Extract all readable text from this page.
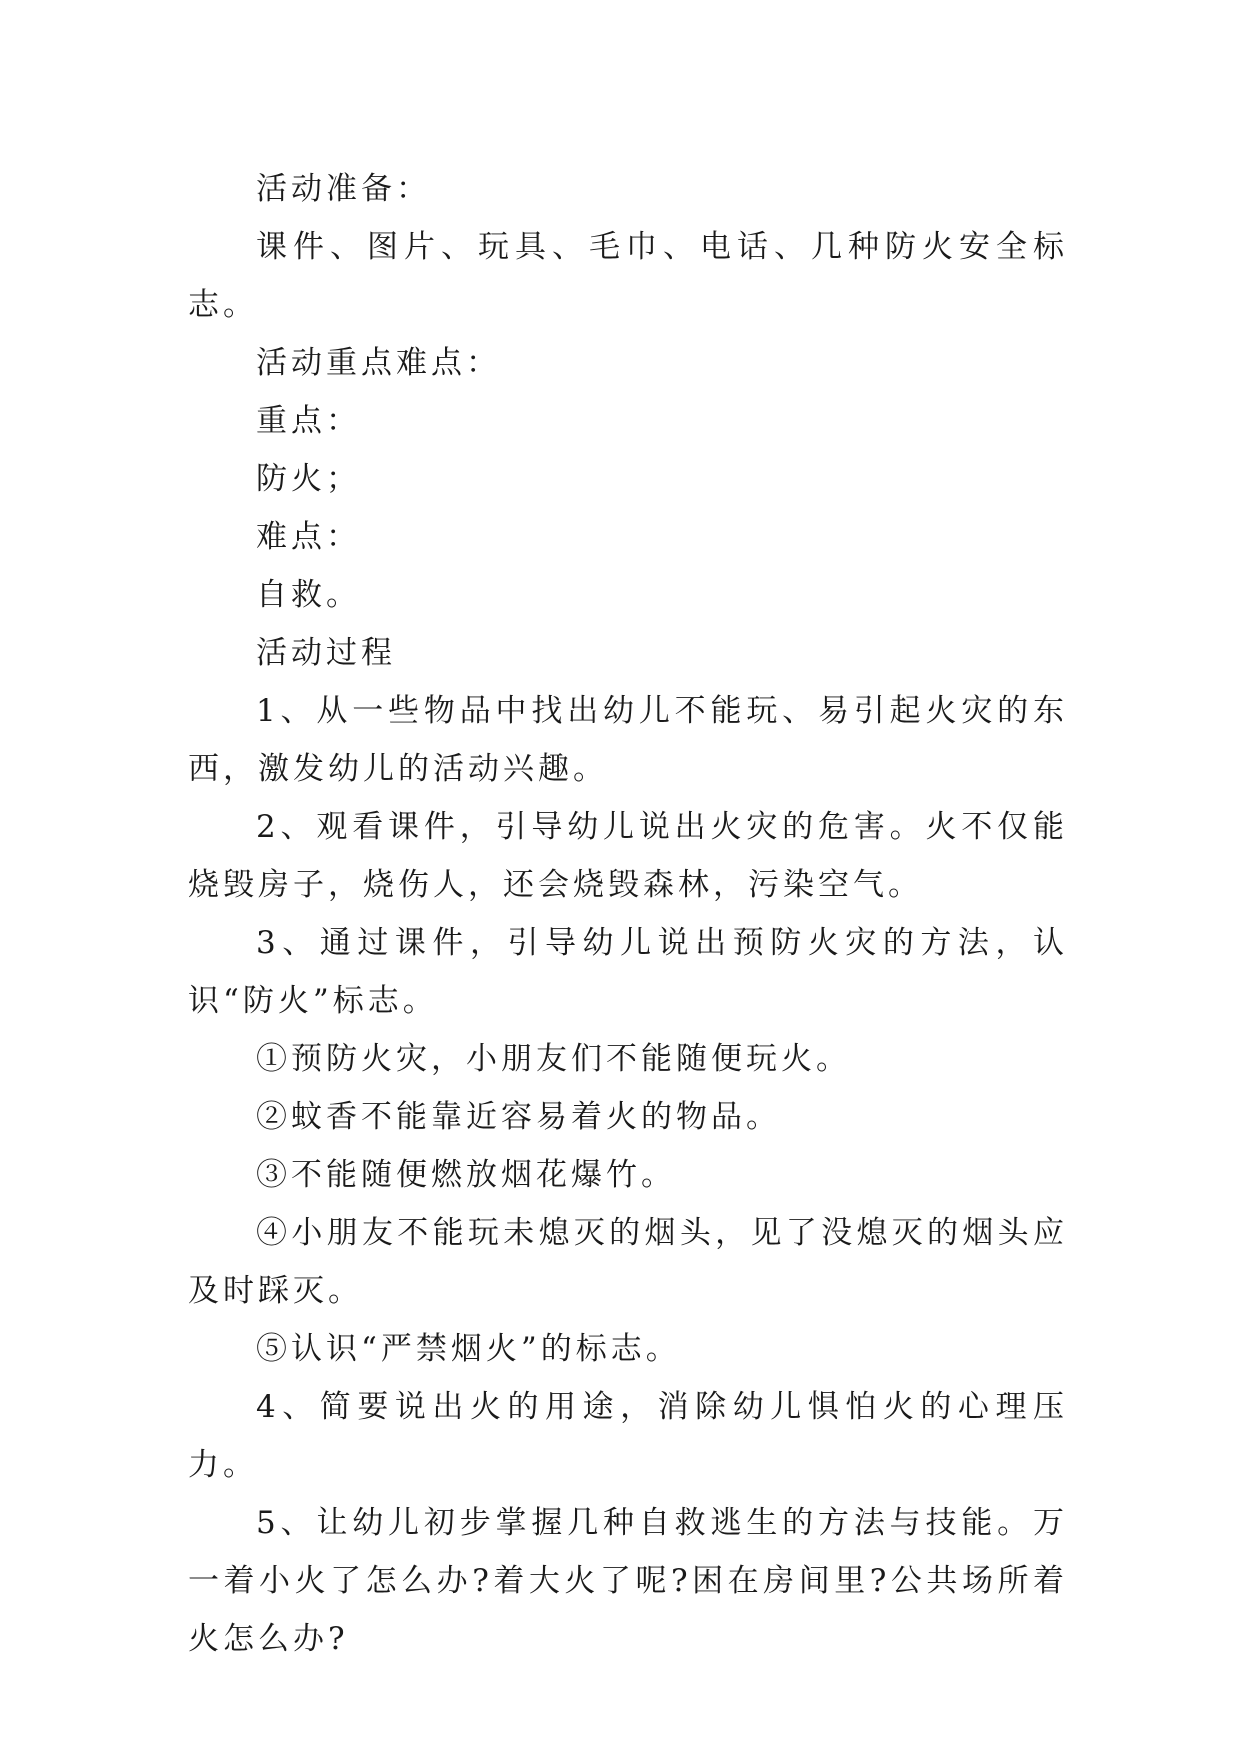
活动准备：

课件、图片、玩具、毛巾、电话、几种防火安全标志。

活动重点难点：

重点：

防火；

难点：

自救。

活动过程

1、从一些物品中找出幼儿不能玩、易引起火灾的东西，激发幼儿的活动兴趣。

2、观看课件，引导幼儿说出火灾的危害。火不仅能烧毁房子，烧伤人，还会烧毁森林，污染空气。

3、通过课件，引导幼儿说出预防火灾的方法，认识“防火”标志。

①预防火灾，小朋友们不能随便玩火。

②蚊香不能靠近容易着火的物品。

③不能随便燃放烟花爆竹。

④小朋友不能玩未熄灭的烟头，见了没熄灭的烟头应及时踩灭。

⑤认识“严禁烟火”的标志。

4、简要说出火的用途，消除幼儿惧怕火的心理压力。

5、让幼儿初步掌握几种自救逃生的方法与技能。万一着小火了怎么办?着大火了呢?困在房间里?公共场所着火怎么办?
